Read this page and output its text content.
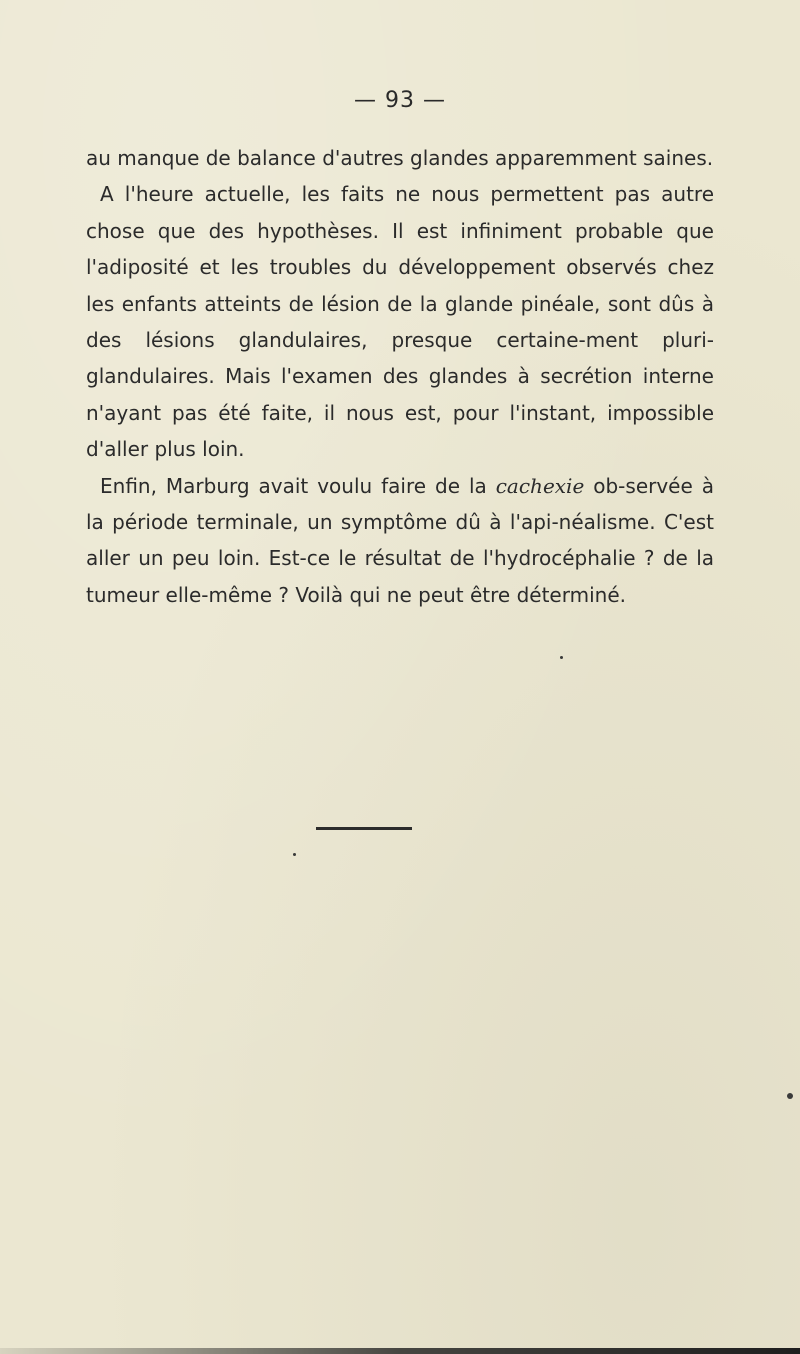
— 93 —

au manque de balance d'autres glandes apparemment saines.

A l'heure actuelle, les faits ne nous permettent pas autre chose que des hypothèses. Il est infiniment probable que l'adiposité et les troubles du développement observés chez les enfants atteints de lésion de la glande pinéale, sont dûs à des lésions glandulaires, presque certaine-ment pluri-glandulaires. Mais l'examen des glandes à secrétion interne n'ayant pas été faite, il nous est, pour l'instant, impossible d'aller plus loin.

Enfin, Marburg avait voulu faire de la cachexie ob-servée à la période terminale, un symptôme dû à l'api-néalisme. C'est aller un peu loin. Est-ce le résultat de l'hydrocéphalie ? de la tumeur elle-même ? Voilà qui ne peut être déterminé.
